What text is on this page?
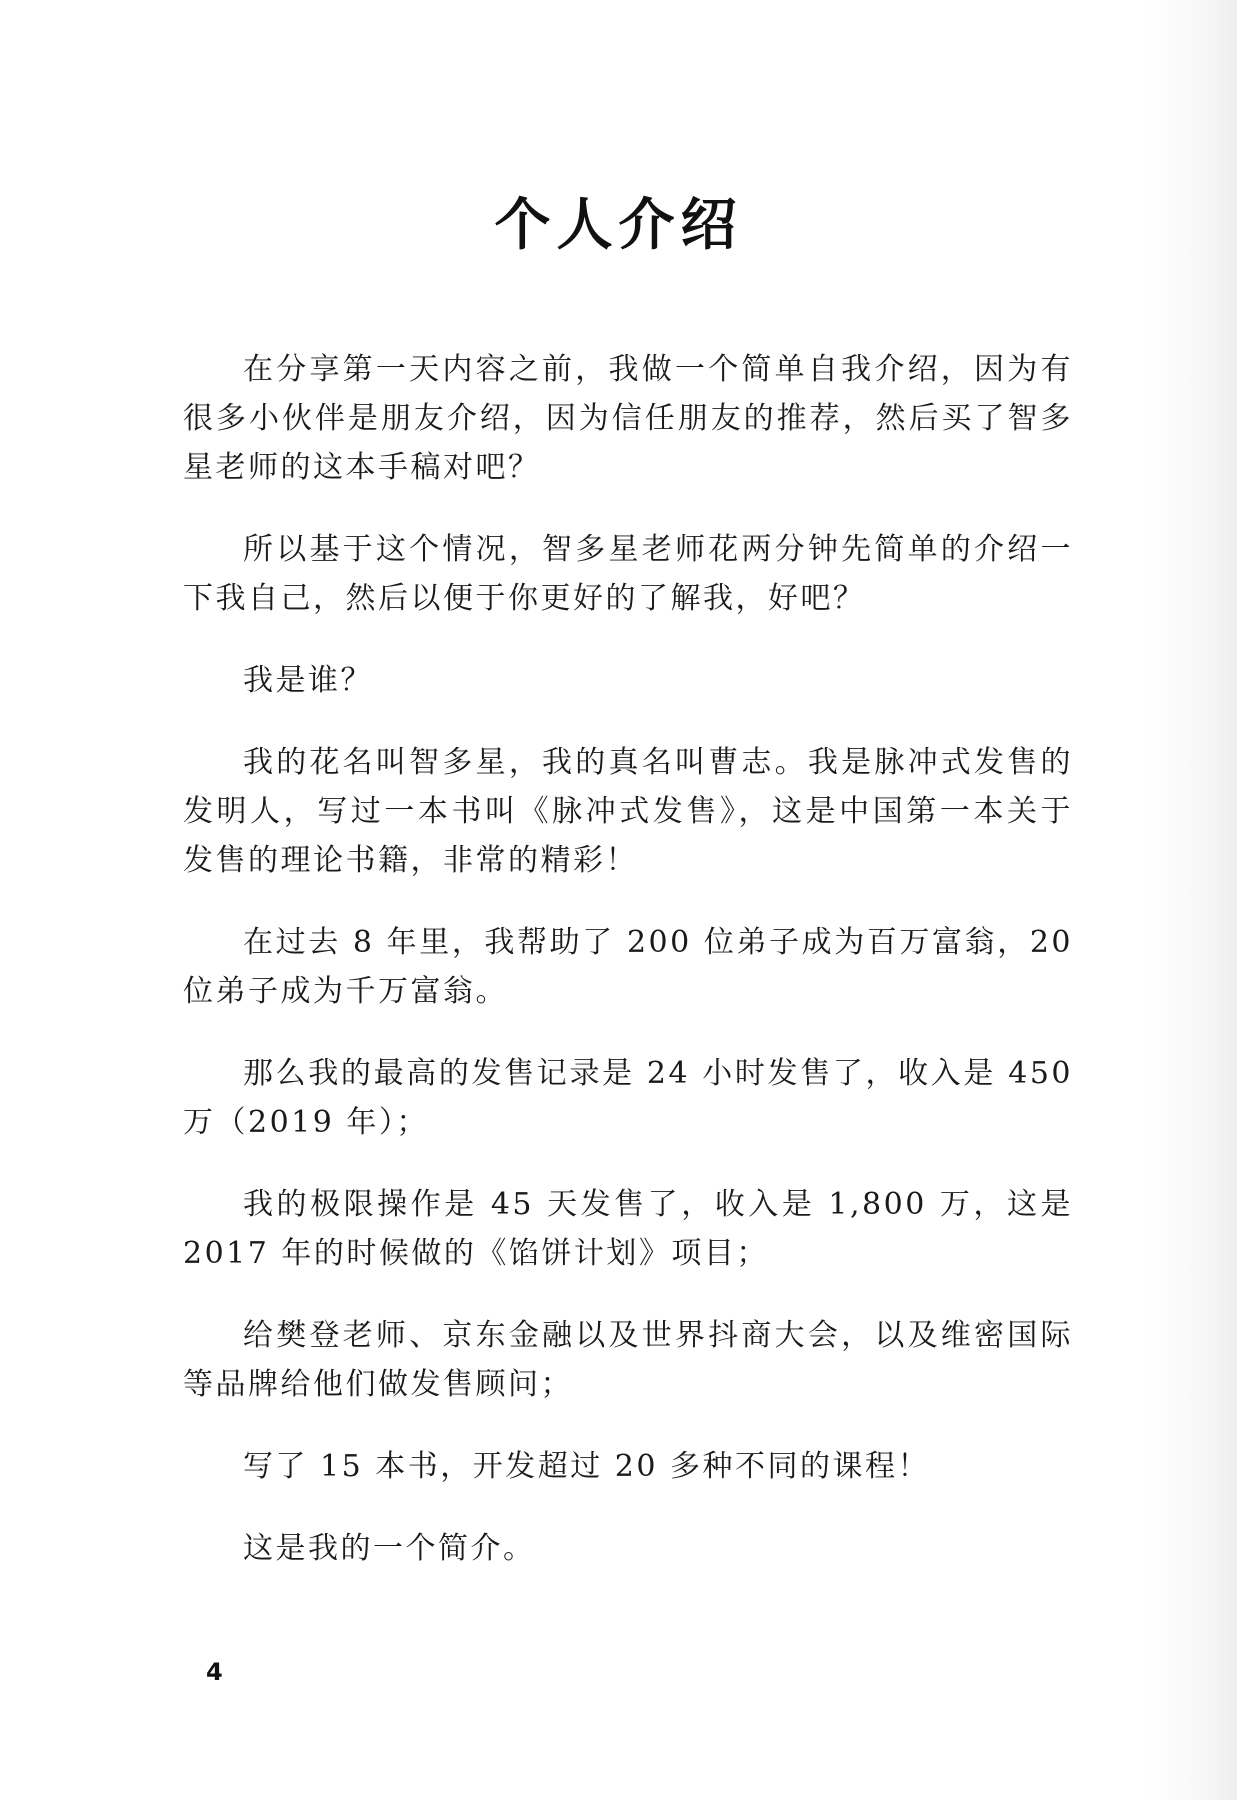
个人介绍

在分享第一天内容之前，我做一个简单自我介绍，因为有很多小伙伴是朋友介绍，因为信任朋友的推荐，然后买了智多星老师的这本手稿对吧？

所以基于这个情况，智多星老师花两分钟先简单的介绍一下我自己，然后以便于你更好的了解我，好吧？

我是谁？

我的花名叫智多星，我的真名叫曹志。我是脉冲式发售的发明人，写过一本书叫《脉冲式发售》，这是中国第一本关于发售的理论书籍，非常的精彩！

在过去 8 年里，我帮助了 200 位弟子成为百万富翁，20 位弟子成为千万富翁。

那么我的最高的发售记录是 24 小时发售了，收入是 450 万（2019 年）；

我的极限操作是 45 天发售了，收入是 1,800 万，这是 2017 年的时候做的《馅饼计划》项目；

给樊登老师、京东金融以及世界抖商大会，以及维密国际等品牌给他们做发售顾问；

写了 15 本书，开发超过 20 多种不同的课程！

这是我的一个简介。

4
